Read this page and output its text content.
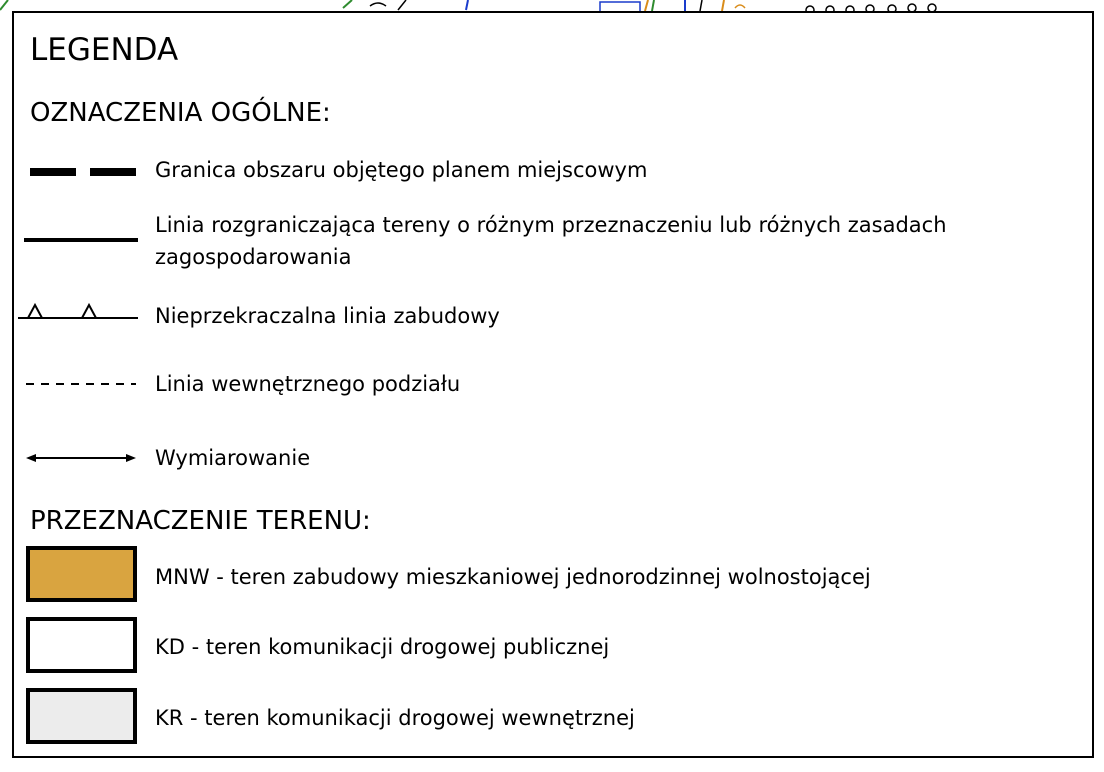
LEGENDA
OZNACZENIA OGÓLNE:
Granica obszaru objętego planem miejscowym
Linia rozgraniczająca tereny o różnym przeznaczeniu lub różnych zasadach zagospodarowania
Nieprzekraczalna linia zabudowy
Linia wewnętrznego podziału
Wymiarowanie
PRZEZNACZENIE TERENU:
MNW - teren zabudowy mieszkaniowej jednorodzinnej wolnostojącej
KD - teren komunikacji drogowej publicznej
KR - teren komunikacji drogowej wewnętrznej
